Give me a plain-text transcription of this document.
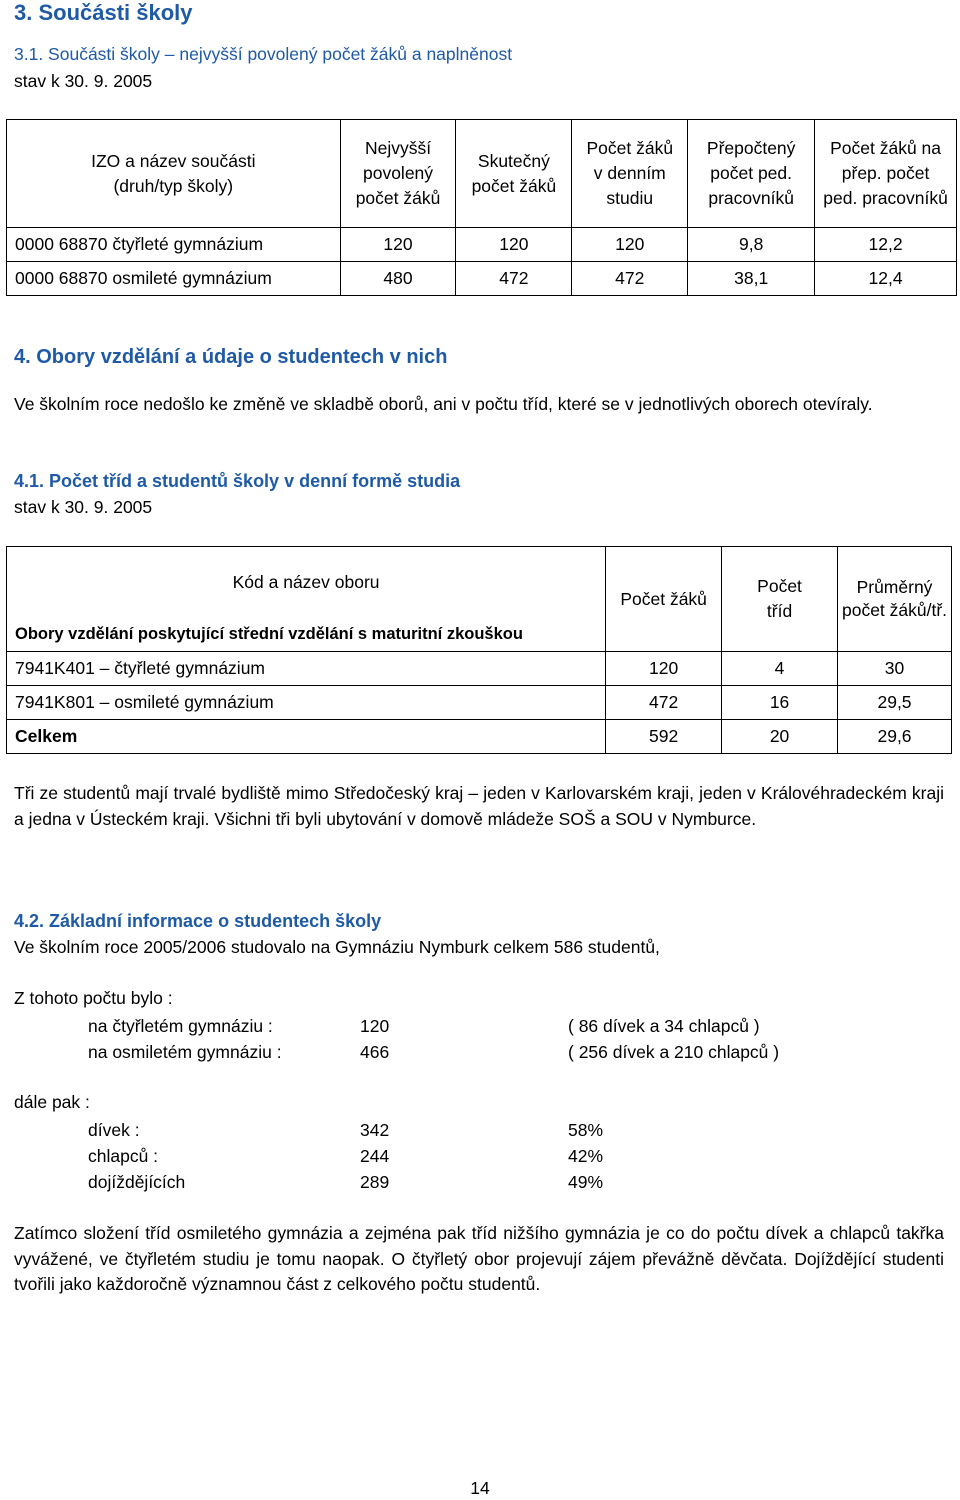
3. Součásti školy
3.1. Součásti školy – nejvyšší povolený počet žáků a naplněnost
stav k 30. 9. 2005
IZO a název součásti (druh/typ školy)	Nejvyšší povolený počet žáků	Skutečný počet žáků	Počet žáků v denním studiu	Přepočtený počet ped. pracovníků	Počet žáků na přep. počet ped. pracovníků
0000 68870 čtyřleté gymnázium	120	120	120	9,8	12,2
0000 68870 osmileté gymnázium	480	472	472	38,1	12,4
4. Obory vzdělání a údaje o studentech v nich
Ve školním roce nedošlo ke změně ve skladbě oborů, ani v počtu tříd, které se v jednotlivých oborech otevíraly.
4.1. Počet tříd a studentů školy v denní formě studia
stav k 30. 9. 2005
Kód a název oboru	Počet žáků	Počet tříd	Průměrný počet žáků/tř.
Obory vzdělání poskytující střední vzdělání s maturitní zkouškou			
7941K401 – čtyřleté gymnázium	120	4	30
7941K801 – osmileté gymnázium	472	16	29,5
Celkem	592	20	29,6
Tři ze studentů mají trvalé bydliště mimo Středočeský kraj – jeden v Karlovarském kraji, jeden v Královéhradeckém kraji a jedna v Ústeckém kraji. Všichni tři byli ubytování v domově mládeže SOŠ a SOU v Nymburce.
4.2. Základní informace o studentech školy
Ve školním roce 2005/2006 studovalo na Gymnáziu Nymburk celkem 586 studentů,
Z tohoto počtu bylo :
na čtyřletém gymnáziu :	120	( 86 dívek a 34 chlapců )
na osmiletém gymnáziu :	466	( 256 dívek a 210 chlapců )
dále pak :
dívek :	342	58%
chlapců :	244	42%
dojíždějících	289	49%
Zatímco složení tříd osmiletého gymnázia a zejména pak tříd nižšího gymnázia je co do počtu dívek a chlapců takřka vyvážené, ve čtyřletém studiu je tomu naopak. O čtyřletý obor projevují zájem převážně děvčata. Dojíždějící studenti tvořili jako každoročně významnou část z celkového počtu studentů.
14
